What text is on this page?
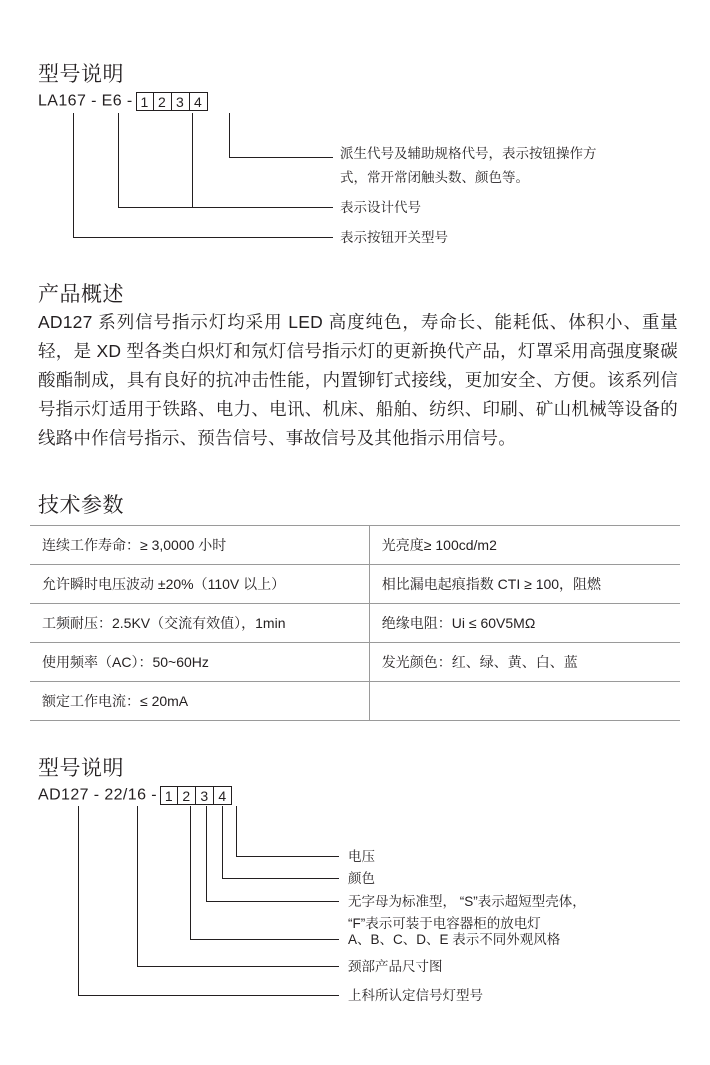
型号说明
LA167 - E6 - 1 2 3 4
派生代号及辅助规格代号，表示按钮操作方
式，常开常闭触头数、颜色等。
表示设计代号
表示按钮开关型号
产品概述
AD127 系列信号指示灯均采用 LED 高度纯色，寿命长、能耗低、体积小、重量轻，是 XD 型各类白炽灯和氖灯信号指示灯的更新换代产品，灯罩采用高强度聚碳酸酯制成，具有良好的抗冲击性能，内置铆钉式接线，更加安全、方便。该系列信号指示灯适用于铁路、电力、电讯、机床、船舶、纺织、印刷、矿山机械等设备的线路中作信号指示、预告信号、事故信号及其他指示用信号。
技术参数
连续工作寿命：≥ 3,0000 小时	光亮度≥ 100cd/m2
允许瞬时电压波动 ±20%（110V 以上）	相比漏电起痕指数 CTI ≥ 100，阻燃
工频耐压：2.5KV（交流有效值），1min	绝缘电阻：Ui ≤ 60V5MΩ
使用频率（AC）：50~60Hz	发光颜色：红、绿、黄、白、蓝
额定工作电流：≤ 20mA	
型号说明
AD127 - 22/16 - 1 2 3 4
电压
颜色
无字母为标准型， “S”表示超短型壳体，
“F”表示可装于电容器柜的放电灯
A、B、C、D、E 表示不同外观风格
颈部产品尺寸图
上科所认定信号灯型号
